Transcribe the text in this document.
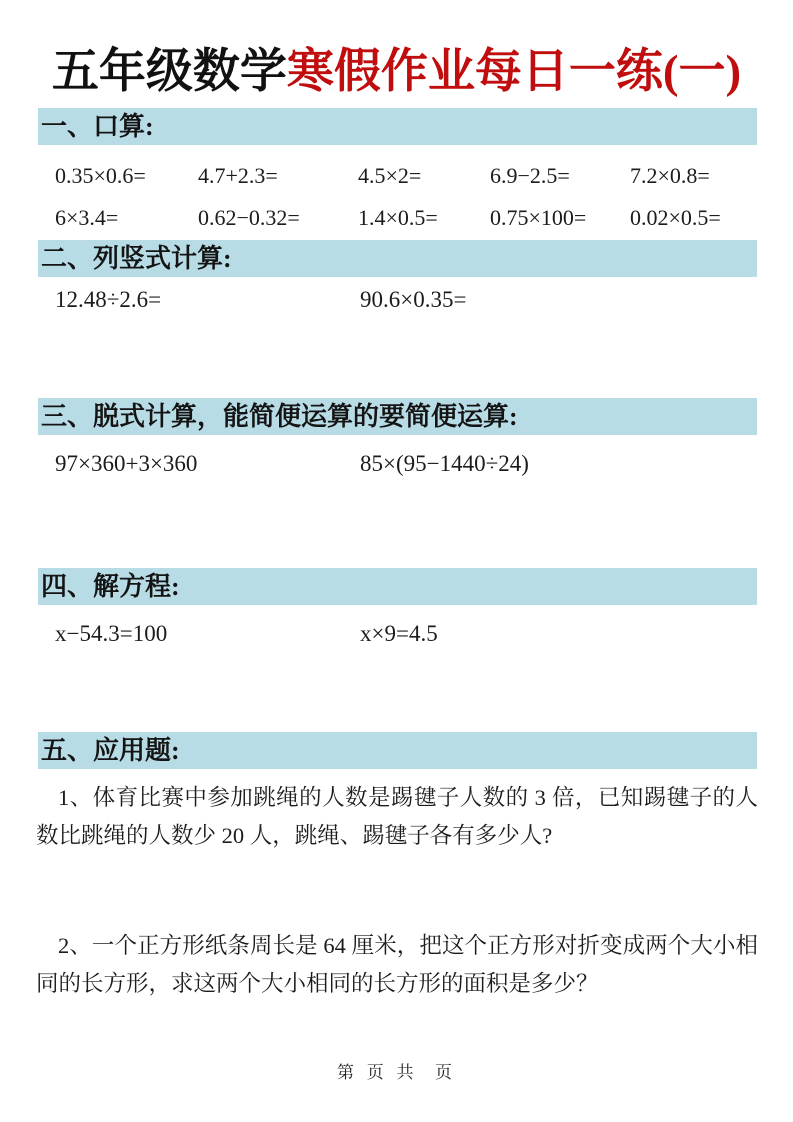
五年级数学寒假作业每日一练(一)
一、口算:
0.35×0.6=	4.7+2.3=	4.5×2=	6.9−2.5=	7.2×0.8=
6×3.4=	0.62−0.32=	1.4×0.5=	0.75×100=	0.02×0.5=
二、列竖式计算:
12.48÷2.6=	90.6×0.35=
三、脱式计算，能简便运算的要简便运算:
97×360+3×360	85×(95−1440÷24)
四、解方程:
x−54.3=100	x×9=4.5
五、应用题:
1、体育比赛中参加跳绳的人数是踢毽子人数的 3 倍，已知踢毽子的人数比跳绳的人数少 20 人，跳绳、踢毽子各有多少人?
2、一个正方形纸条周长是 64 厘米，把这个正方形对折变成两个大小相同的长方形，求这两个大小相同的长方形的面积是多少？
第 页 共  页
